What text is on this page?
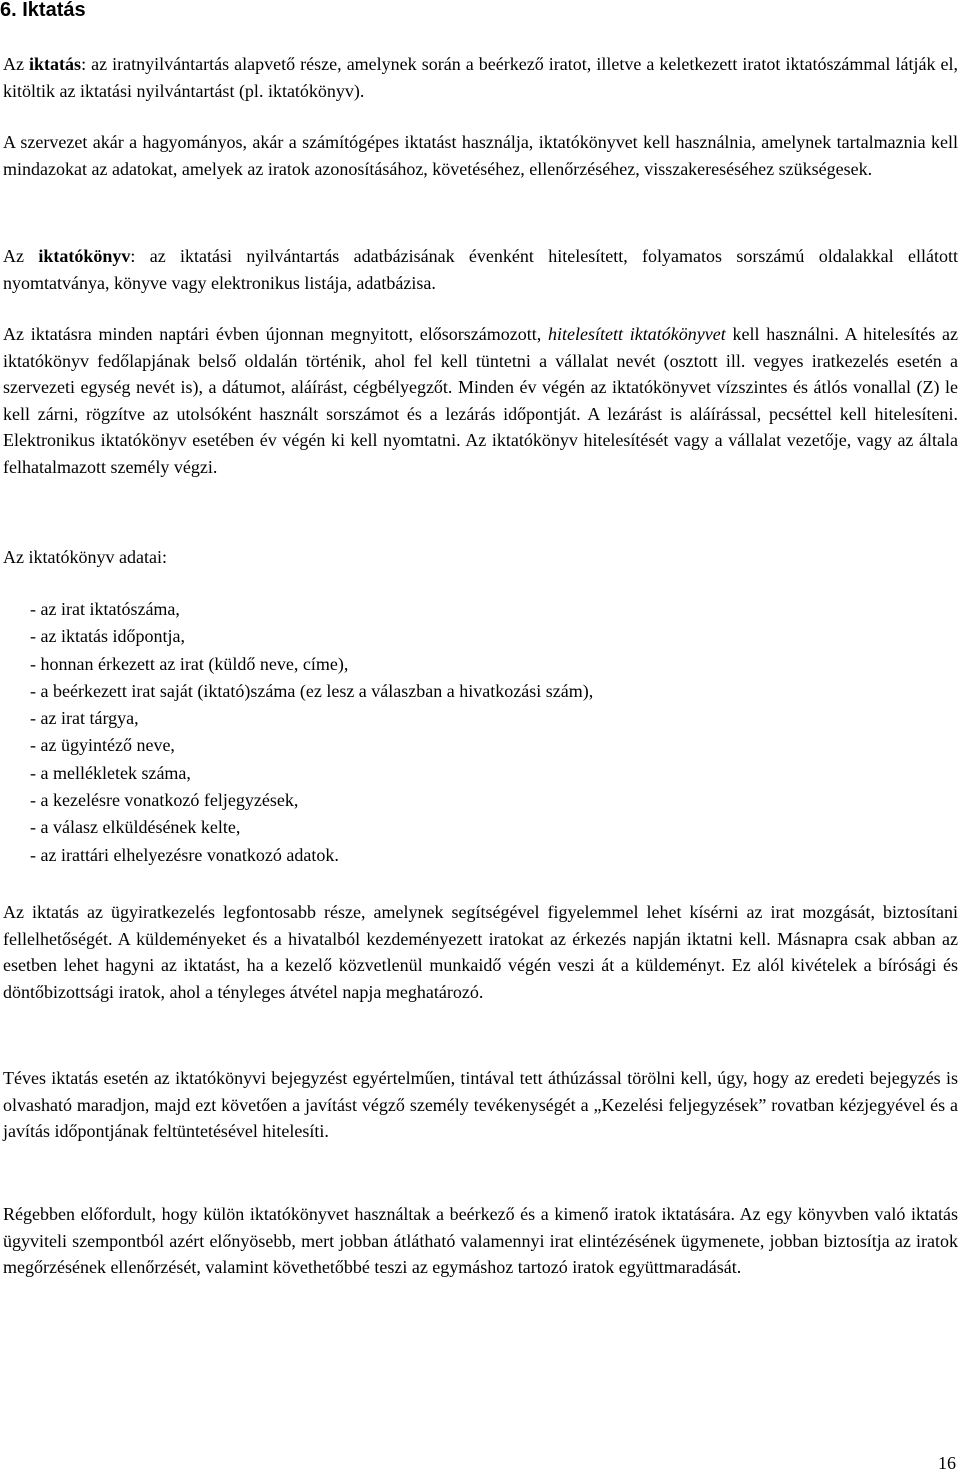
6. Iktatás

Az iktatás: az iratnyilvántartás alapvető része, amelynek során a beérkező iratot, illetve a keletkezett iratot iktatószámmal látják el, kitöltik az iktatási nyilvántartást (pl. iktatókönyv).

A szervezet akár a hagyományos, akár a számítógépes iktatást használja, iktatókönyvet kell használnia, amelynek tartalmaznia kell mindazokat az adatokat, amelyek az iratok azonosításához, követéséhez, ellenőrzéséhez, visszakereséséhez szükségesek.

Az iktatókönyv: az iktatási nyilvántartás adatbázisának évenként hitelesített, folyamatos sorszámú oldalakkal ellátott nyomtatványa, könyve vagy elektronikus listája, adatbázisa.

Az iktatásra minden naptári évben újonnan megnyitott, elősorszámozott, hitelesített iktatókönyvet kell használni. A hitelesítés az iktatókönyv fedőlapjának belső oldalán történik, ahol fel kell tüntetni a vállalat nevét (osztott ill. vegyes iratkezelés esetén a szervezeti egység nevét is), a dátumot, aláírást, cégbélyegzőt. Minden év végén az iktatókönyvet vízszintes és átlós vonallal (Z) le kell zárni, rögzítve az utolsóként használt sorszámot és a lezárás időpontját. A lezárást is aláírással, pecséttel kell hitelesíteni. Elektronikus iktatókönyv esetében év végén ki kell nyomtatni. Az iktatókönyv hitelesítését vagy a vállalat vezetője, vagy az általa felhatalmazott személy végzi.

Az iktatókönyv adatai:

- az irat iktatószáma,
- az iktatás időpontja,
- honnan érkezett az irat (küldő neve, címe),
- a beérkezett irat saját (iktató)száma (ez lesz a válaszban a hivatkozási szám),
- az irat tárgya,
- az ügyintéző neve,
- a mellékletek száma,
- a kezelésre vonatkozó feljegyzések,
- a válasz elküldésének kelte,
- az irattári elhelyezésre vonatkozó adatok.

Az iktatás az ügyiratkezelés legfontosabb része, amelynek segítségével figyelemmel lehet kísérni az irat mozgását, biztosítani fellelhetőségét. A küldeményeket és a hivatalból kezdeményezett iratokat az érkezés napján iktatni kell. Másnapra csak abban az esetben lehet hagyni az iktatást, ha a kezelő közvetlenül munkaidő végén veszi át a küldeményt. Ez alól kivételek a bírósági és döntőbizottsági iratok, ahol a tényleges átvétel napja meghatározó.

Téves iktatás esetén az iktatókönyvi bejegyzést egyértelműen, tintával tett áthúzással törölni kell, úgy, hogy az eredeti bejegyzés is olvasható maradjon, majd ezt követően a javítást végző személy tevékenységét a „Kezelési feljegyzések” rovatban kézjegyével és a javítás időpontjának feltüntetésével hitelesíti.

Régebben előfordult, hogy külön iktatókönyvet használtak a beérkező és a kimenő iratok iktatására. Az egy könyvben való iktatás ügyviteli szempontból azért előnyösebb, mert jobban átlátható valamennyi irat elintézésének ügymenete, jobban biztosítja az iratok megőrzésének ellenőrzését, valamint követhetőbbé teszi az egymáshoz tartozó iratok együttmaradását.

16
